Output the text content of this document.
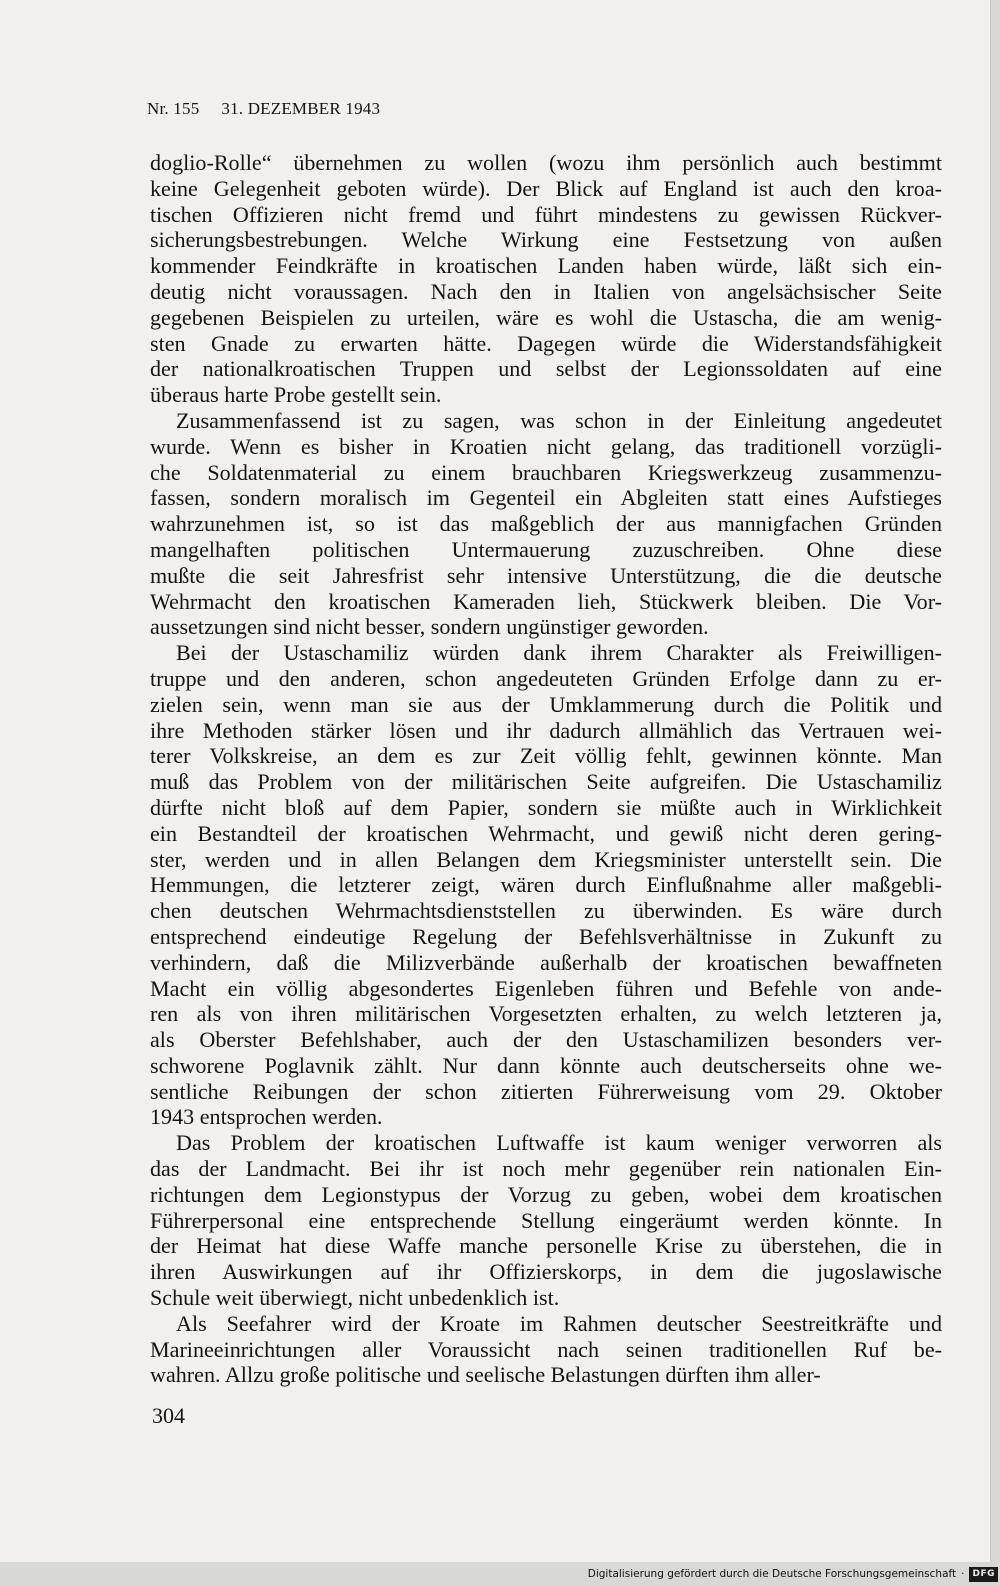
Nr. 155 31. DEZEMBER 1943

doglio-Rolle“ übernehmen zu wollen (wozu ihm persönlich auch bestimmt
keine Gelegenheit geboten würde). Der Blick auf England ist auch den kroa-
tischen Offizieren nicht fremd und führt mindestens zu gewissen Rückver-
sicherungsbestrebungen. Welche Wirkung eine Festsetzung von außen
kommender Feindkräfte in kroatischen Landen haben würde, läßt sich ein-
deutig nicht voraussagen. Nach den in Italien von angelsächsischer Seite
gegebenen Beispielen zu urteilen, wäre es wohl die Ustascha, die am wenig-
sten Gnade zu erwarten hätte. Dagegen würde die Widerstandsfähigkeit
der nationalkroatischen Truppen und selbst der Legionssoldaten auf eine
überaus harte Probe gestellt sein.

Zusammenfassend ist zu sagen, was schon in der Einleitung angedeutet
wurde. Wenn es bisher in Kroatien nicht gelang, das traditionell vorzügli-
che Soldatenmaterial zu einem brauchbaren Kriegswerkzeug zusammenzu-
fassen, sondern moralisch im Gegenteil ein Abgleiten statt eines Aufstieges
wahrzunehmen ist, so ist das maßgeblich der aus mannigfachen Gründen
mangelhaften politischen Untermauerung zuzuschreiben. Ohne diese
mußte die seit Jahresfrist sehr intensive Unterstützung, die die deutsche
Wehrmacht den kroatischen Kameraden lieh, Stückwerk bleiben. Die Vor-
aussetzungen sind nicht besser, sondern ungünstiger geworden.

Bei der Ustaschamiliz würden dank ihrem Charakter als Freiwilligen-
truppe und den anderen, schon angedeuteten Gründen Erfolge dann zu er-
zielen sein, wenn man sie aus der Umklammerung durch die Politik und
ihre Methoden stärker lösen und ihr dadurch allmählich das Vertrauen wei-
terer Volkskreise, an dem es zur Zeit völlig fehlt, gewinnen könnte. Man
muß das Problem von der militärischen Seite aufgreifen. Die Ustaschamiliz
dürfte nicht bloß auf dem Papier, sondern sie müßte auch in Wirklichkeit
ein Bestandteil der kroatischen Wehrmacht, und gewiß nicht deren gering-
ster, werden und in allen Belangen dem Kriegsminister unterstellt sein. Die
Hemmungen, die letzterer zeigt, wären durch Einflußnahme aller maßgebli-
chen deutschen Wehrmachtsdienststellen zu überwinden. Es wäre durch
entsprechend eindeutige Regelung der Befehlsverhältnisse in Zukunft zu
verhindern, daß die Milizverbände außerhalb der kroatischen bewaffneten
Macht ein völlig abgesondertes Eigenleben führen und Befehle von ande-
ren als von ihren militärischen Vorgesetzten erhalten, zu welch letzteren ja,
als Oberster Befehlshaber, auch der den Ustaschamilizen besonders ver-
schworene Poglavnik zählt. Nur dann könnte auch deutscherseits ohne we-
sentliche Reibungen der schon zitierten Führerweisung vom 29. Oktober
1943 entsprochen werden.

Das Problem der kroatischen Luftwaffe ist kaum weniger verworren als
das der Landmacht. Bei ihr ist noch mehr gegenüber rein nationalen Ein-
richtungen dem Legionstypus der Vorzug zu geben, wobei dem kroatischen
Führerpersonal eine entsprechende Stellung eingeräumt werden könnte. In
der Heimat hat diese Waffe manche personelle Krise zu überstehen, die in
ihren Auswirkungen auf ihr Offizierskorps, in dem die jugoslawische
Schule weit überwiegt, nicht unbedenklich ist.

Als Seefahrer wird der Kroate im Rahmen deutscher Seestreitkräfte und
Marineeinrichtungen aller Voraussicht nach seinen traditionellen Ruf be-
wahren. Allzu große politische und seelische Belastungen dürften ihm aller-

304
Digitalisierung gefördert durch die Deutsche Forschungsgemeinschaft · DFG
